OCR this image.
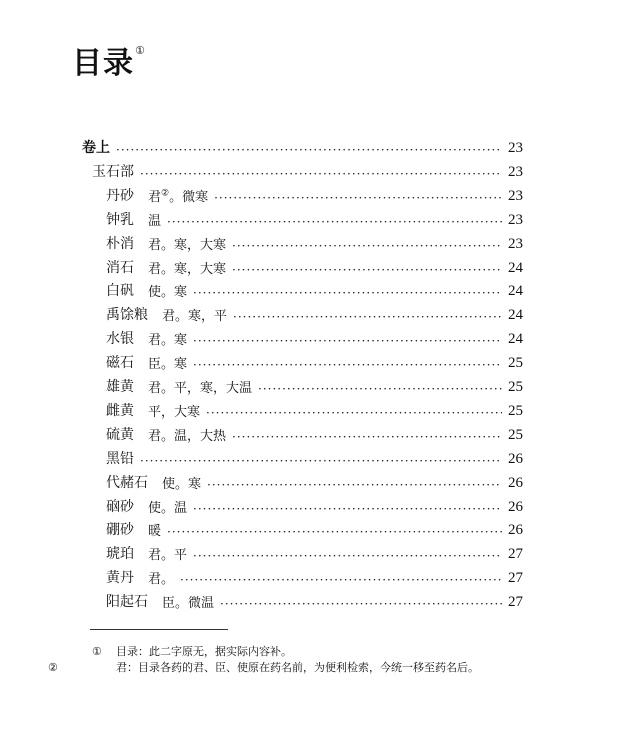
目录①
卷上 ·····	23
玉石部 ·····	23
丹砂 君②。微寒 ·····	23
钟乳 温 ·····	23
朴消 君。寒，大寒 ·····	23
消石 君。寒，大寒 ·····	24
白矾 使。寒 ·····	24
禹馀粮 君。寒，平 ·····	24
水银 君。寒 ·····	24
磁石 臣。寒 ·····	25
雄黄 君。平，寒，大温 ·····	25
雌黄 平，大寒 ·····	25
硫黄 君。温，大热 ·····	25
黑铅 ·····	26
代赭石 使。寒 ·····	26
硇砂 使。温 ·····	26
硼砂 暖 ·····	26
琥珀 君。平 ·····	27
黄丹 君。 ·····	27
阳起石 臣。微温 ·····	27
① 目录：此二字原无，据实际内容补。
②	君：目录各药的君、臣、使原在药名前，为便利检索，今统一移至药名后。
